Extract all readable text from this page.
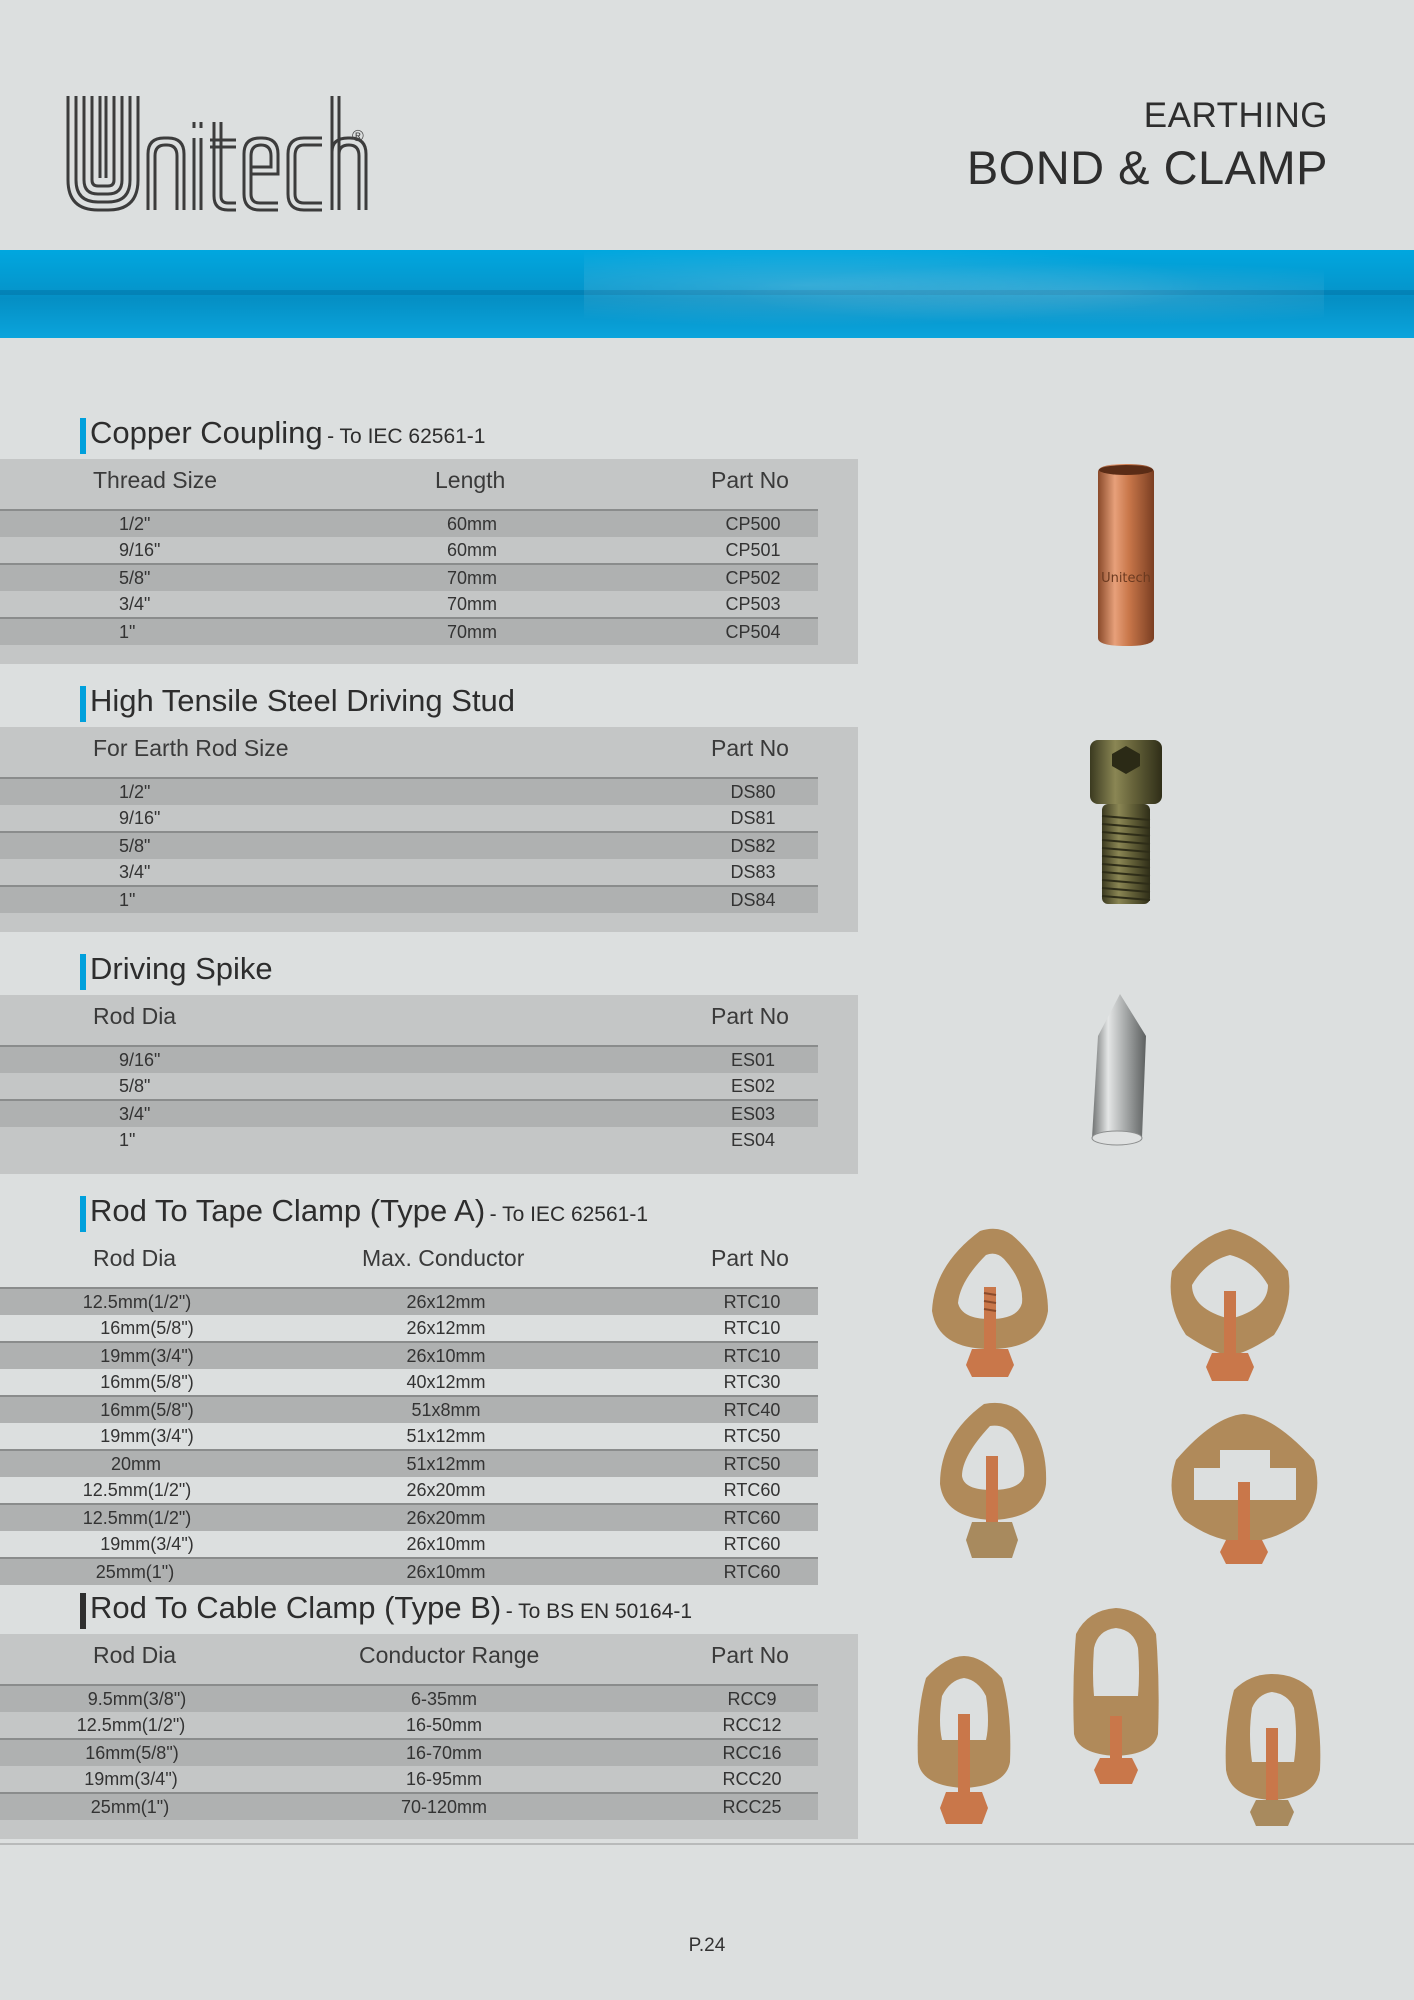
®
EARTHING
BOND & CLAMP
Copper Coupling - To IEC 62561-1
Thread Size	Length	Part No
1/2"	60mm	CP500
9/16"	60mm	CP501
5/8"	70mm	CP502
3/4"	70mm	CP503
1"	70mm	CP504
Unitech
High Tensile Steel Driving Stud
For Earth Rod Size	Part No
1/2"	DS80
9/16"	DS81
5/8"	DS82
3/4"	DS83
1"	DS84
Driving Spike
Rod Dia	Part No
9/16"	ES01
5/8"	ES02
3/4"	ES03
1"	ES04
Rod To Tape Clamp (Type A) - To IEC 62561-1
Rod Dia	Max. Conductor	Part No
12.5mm(1/2")	26x12mm	RTC10
16mm(5/8")	26x12mm	RTC10
19mm(3/4")	26x10mm	RTC10
16mm(5/8")	40x12mm	RTC30
16mm(5/8")	51x8mm	RTC40
19mm(3/4")	51x12mm	RTC50
20mm	51x12mm	RTC50
12.5mm(1/2")	26x20mm	RTC60
12.5mm(1/2")	26x20mm	RTC60
19mm(3/4")	26x10mm	RTC60
25mm(1")	26x10mm	RTC60
Rod To Cable Clamp (Type B) - To BS EN 50164-1
Rod Dia	Conductor Range	Part No
9.5mm(3/8")	6-35mm	RCC9
12.5mm(1/2")	16-50mm	RCC12
16mm(5/8")	16-70mm	RCC16
19mm(3/4")	16-95mm	RCC20
25mm(1")	70-120mm	RCC25
P.24
